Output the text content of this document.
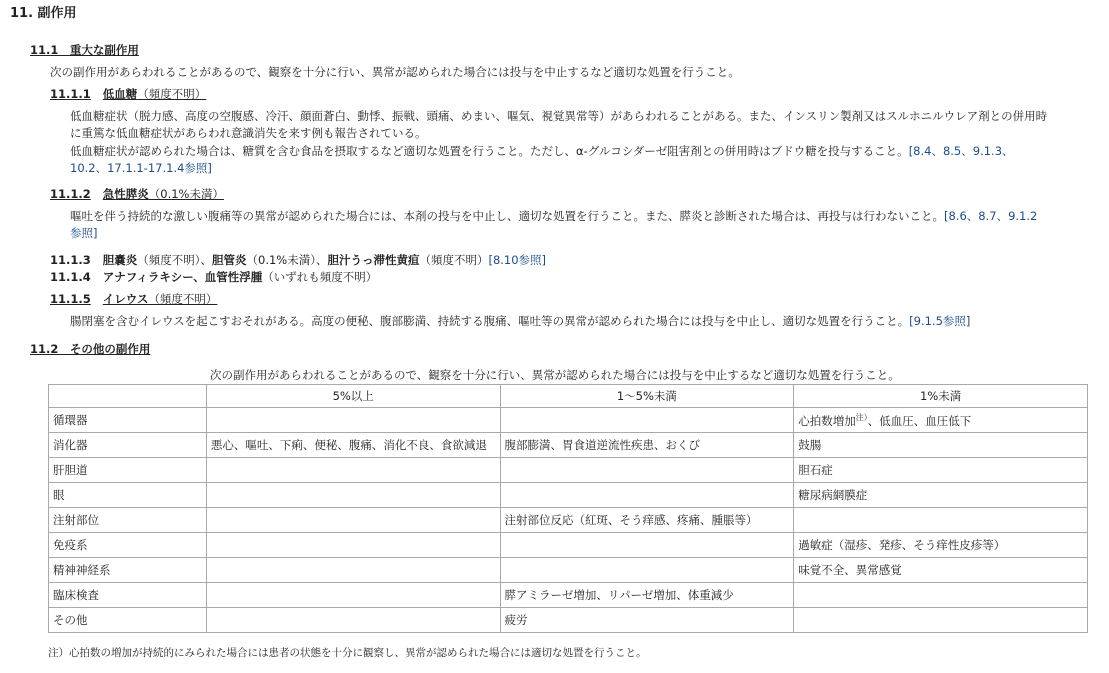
11. 副作用
11.1　重大な副作用
次の副作用があらわれることがあるので、観察を十分に行い、異常が認められた場合には投与を中止するなど適切な処置を行うこと。
11.1.1 低血糖（頻度不明）
低血糖症状（脱力感、高度の空腹感、冷汗、顔面蒼白、動悸、振戦、頭痛、めまい、嘔気、視覚異常等）があらわれることがある。また、インスリン製剤又はスルホニルウレア剤との併用時
に重篤な低血糖症状があらわれ意識消失を来す例も報告されている。
低血糖症状が認められた場合は、糖質を含む食品を摂取するなど適切な処置を行うこと。ただし、α-グルコシダーゼ阻害剤との併用時はブドウ糖を投与すること。[8.4、8.5、9.1.3、
10.2、17.1.1-17.1.4参照]
11.1.2 急性膵炎（0.1%未満）
嘔吐を伴う持続的な激しい腹痛等の異常が認められた場合には、本剤の投与を中止し、適切な処置を行うこと。また、膵炎と診断された場合は、再投与は行わないこと。[8.6、8.7、9.1.2
参照]
11.1.3 胆嚢炎（頻度不明）、胆管炎（0.1%未満）、胆汁うっ滞性黄疸（頻度不明）[8.10参照]
11.1.4 アナフィラキシー、血管性浮腫（いずれも頻度不明）
11.1.5 イレウス（頻度不明）
腸閉塞を含むイレウスを起こすおそれがある。高度の便秘、腹部膨満、持続する腹痛、嘔吐等の異常が認められた場合には投与を中止し、適切な処置を行うこと。[9.1.5参照]
11.2　その他の副作用
次の副作用があらわれることがあるので、観察を十分に行い、異常が認められた場合には投与を中止するなど適切な処置を行うこと。
	5%以上	1～5%未満	1%未満
循環器			心拍数増加$^{注)}$、低血圧、血圧低下
消化器	悪心、嘔吐、下痢、便秘、腹痛、消化不良、食欲減退	腹部膨満、胃食道逆流性疾患、おくび	鼓腸
肝胆道			胆石症
眼			糖尿病網膜症
注射部位		注射部位反応（紅斑、そう痒感、疼痛、腫脹等）	
免疫系			過敏症（湿疹、発疹、そう痒性皮疹等）
精神神経系			味覚不全、異常感覚
臨床検査		膵アミラーゼ増加、リパーゼ増加、体重減少	
その他		疲労	
注）心拍数の増加が持続的にみられた場合には患者の状態を十分に観察し、異常が認められた場合には適切な処置を行うこと。
